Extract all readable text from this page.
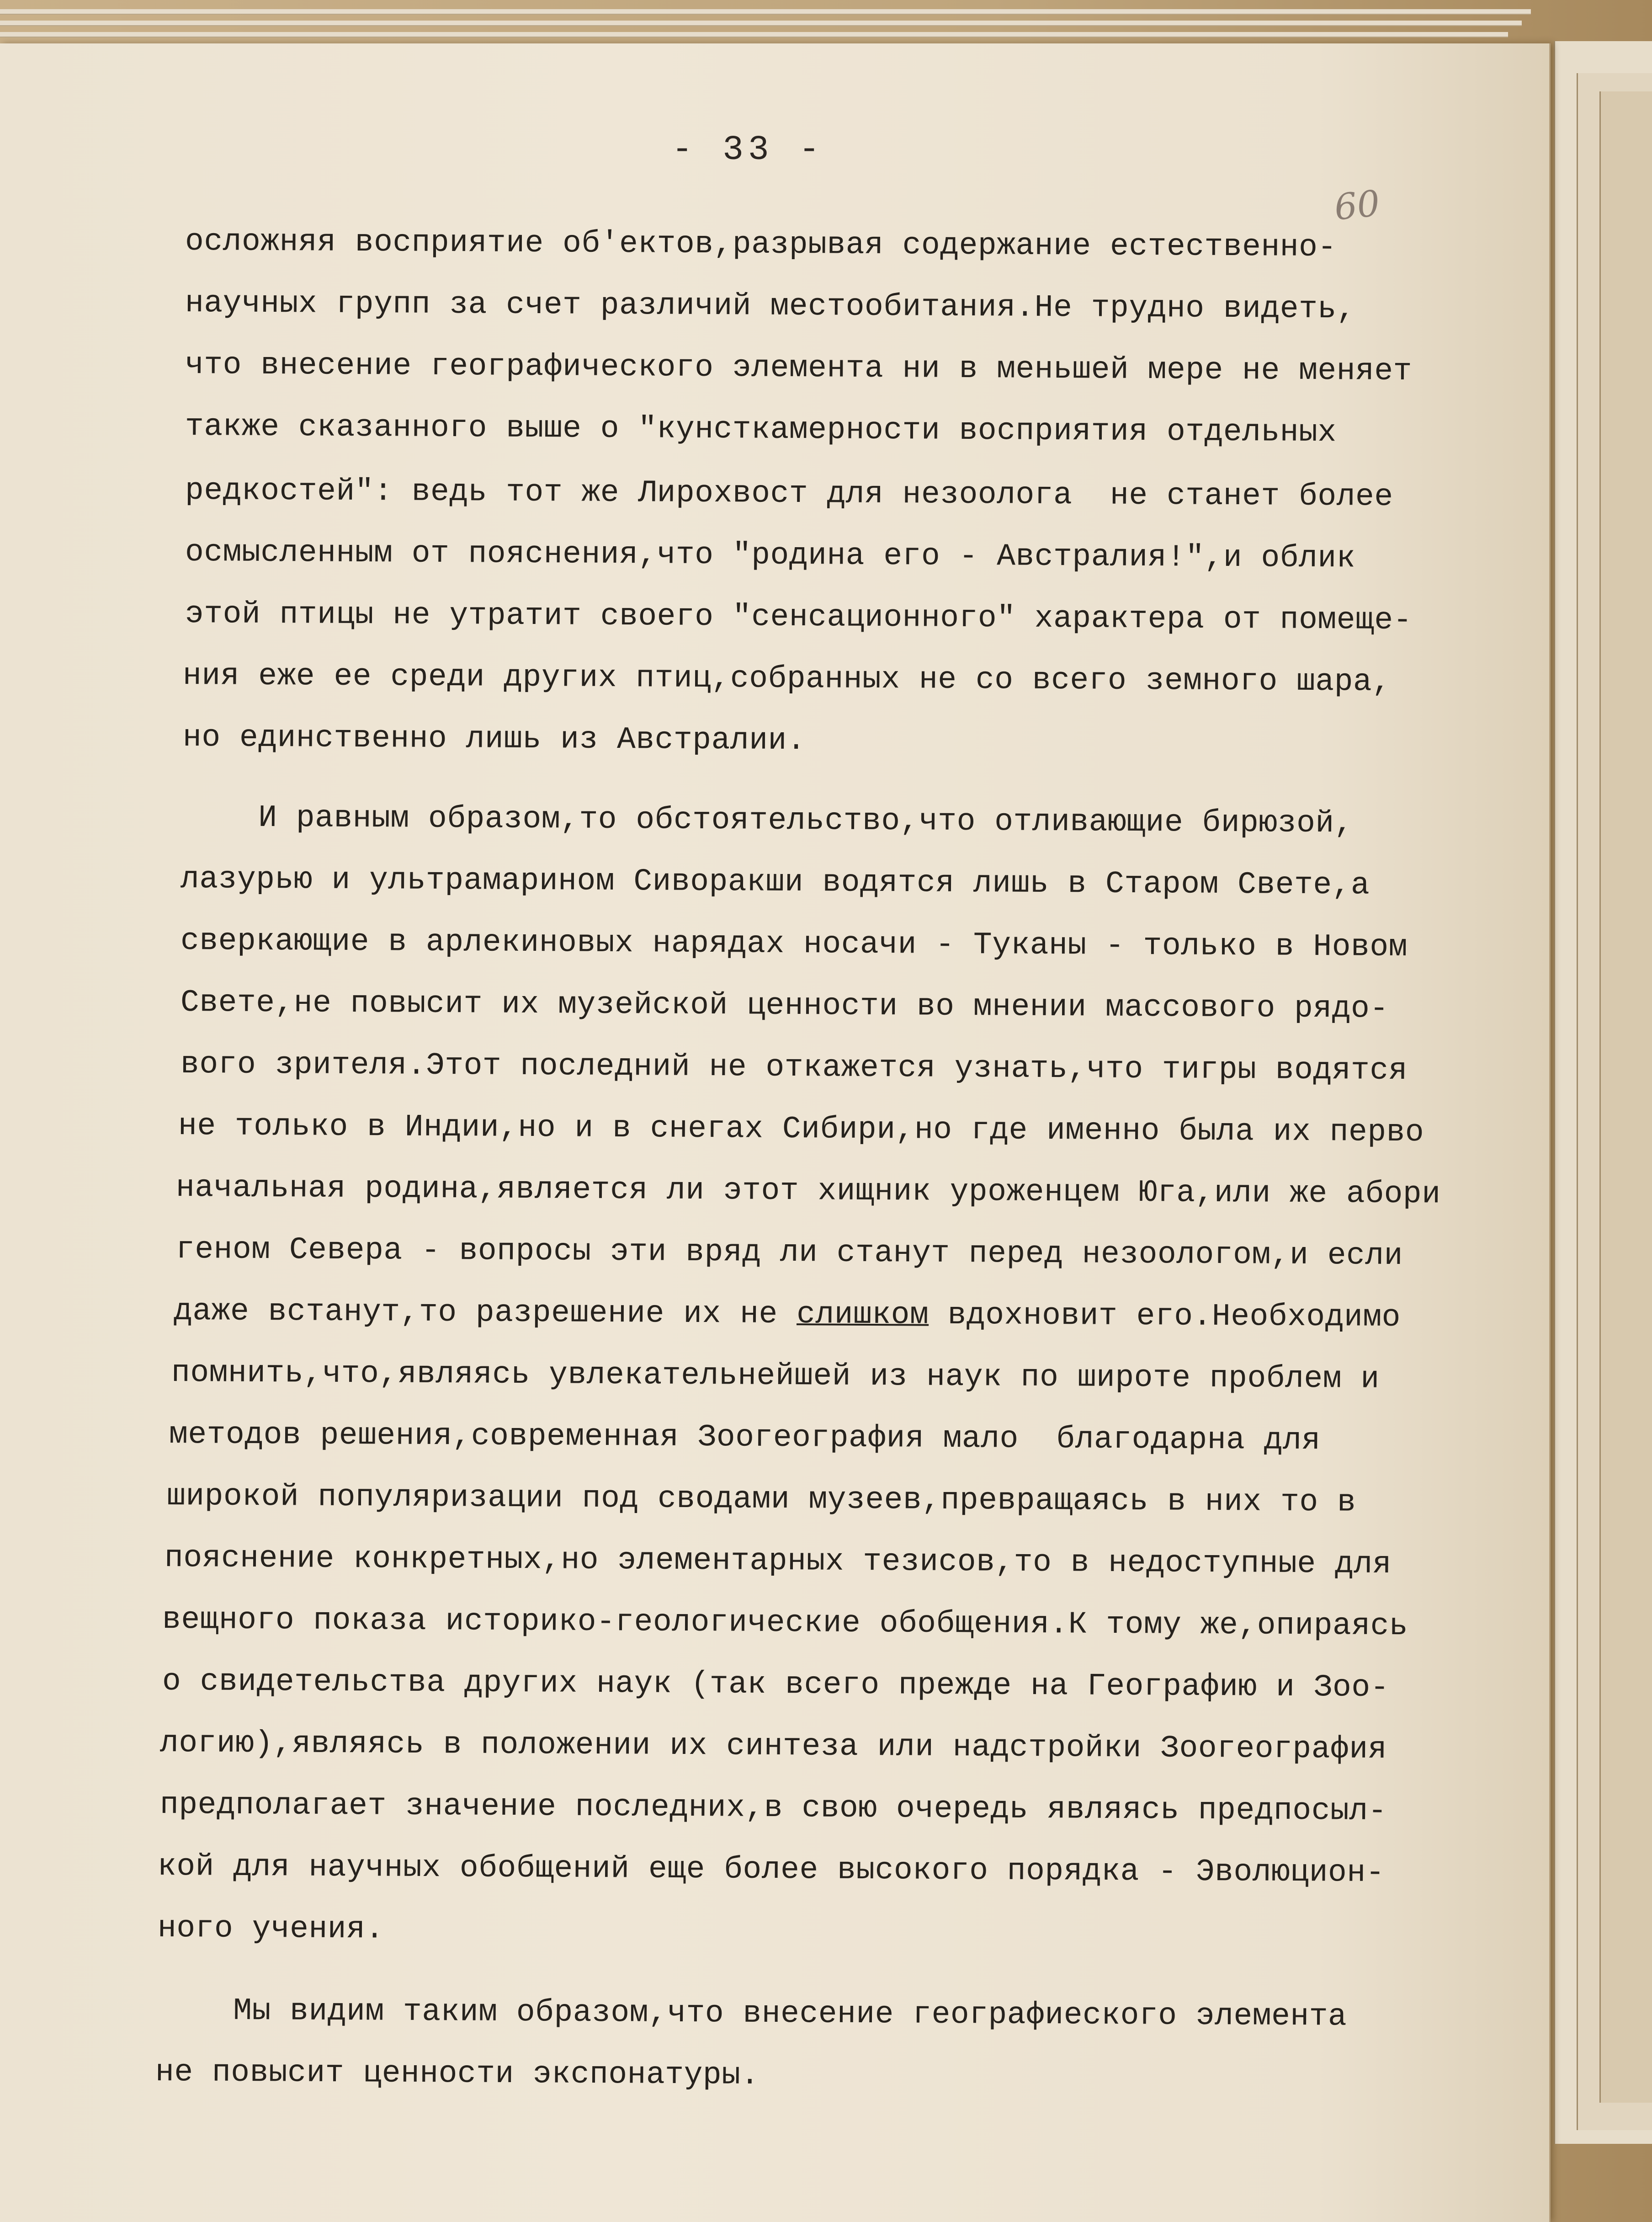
- 33 -
60
осложняя восприятие об'ектов,разрывая содержание естественно-
научных групп за счет различий местообитания.Не трудно видеть,
что внесение географического элемента ни в меньшей мере не меняет
также сказанного выше о "кунсткамерности восприятия отдельных
редкостей": ведь тот же Лирохвост для незоолога  не станет более
осмысленным от пояснения,что "родина его - Австралия!",и облик
этой птицы не утратит своего "сенсационного" характера от помеще-
ния еже ее среди других птиц,собранных не со всего земного шара,
но единственно лишь из Австралии.
И равным образом,то обстоятельство,что отливающие бирюзой,
лазурью и ультрамарином Сиворакши водятся лишь в Старом Свете,а
сверкающие в арлекиновых нарядах носачи - Туканы - только в Новом
Свете,не повысит их музейской ценности во мнении массового рядо-
вого зрителя.Этот последний не откажется узнать,что тигры водятся
не только в Индии,но и в снегах Сибири,но где именно была их перво
начальная родина,является ли этот хищник уроженцем Юга,или же абори
геном Севера - вопросы эти вряд ли станут перед незоологом,и если
даже встанут,то разрешение их не слишком вдохновит его.Необходимо
помнить,что,являясь увлекательнейшей из наук по широте проблем и
методов решения,современная Зоогеография мало  благодарна для
широкой популяризации под сводами музеев,превращаясь в них то в
пояснение конкретных,но элементарных тезисов,то в недоступные для
вещного показа историко-геологические обобщения.К тому же,опираясь
о свидетельства других наук (так всего прежде на Географию и Зоо-
логию),являясь в положении их синтеза или надстройки Зоогеография
предполагает значение последних,в свою очередь являясь предпосыл-
кой для научных обобщений еще более высокого порядка - Эволюцион-
ного учения.
Мы видим таким образом,что внесение географиеского элемента
не повысит ценности экспонатуры.
